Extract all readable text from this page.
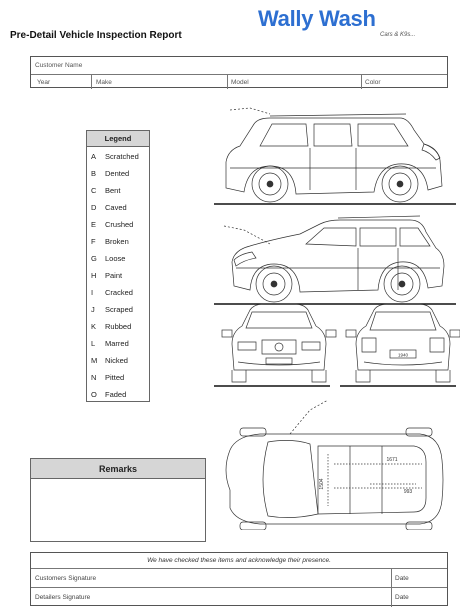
Pre-Detail Vehicle Inspection Report
Wally Wash
Cars & K9s...
Customer Name
Year	Make	Model	Color
Legend
A Scratched
B Dented
C Bent
D Caved
E Crushed
F Broken
G Loose
H Paint
I Cracked
J Scraped
K Rubbed
L Marred
M Nicked
N Pitted
O Faded
1940
1671
1504
993
Remarks
We have checked these items and acknowledge their presence.
Customers Signature	Date
Detailers Signature	Date
